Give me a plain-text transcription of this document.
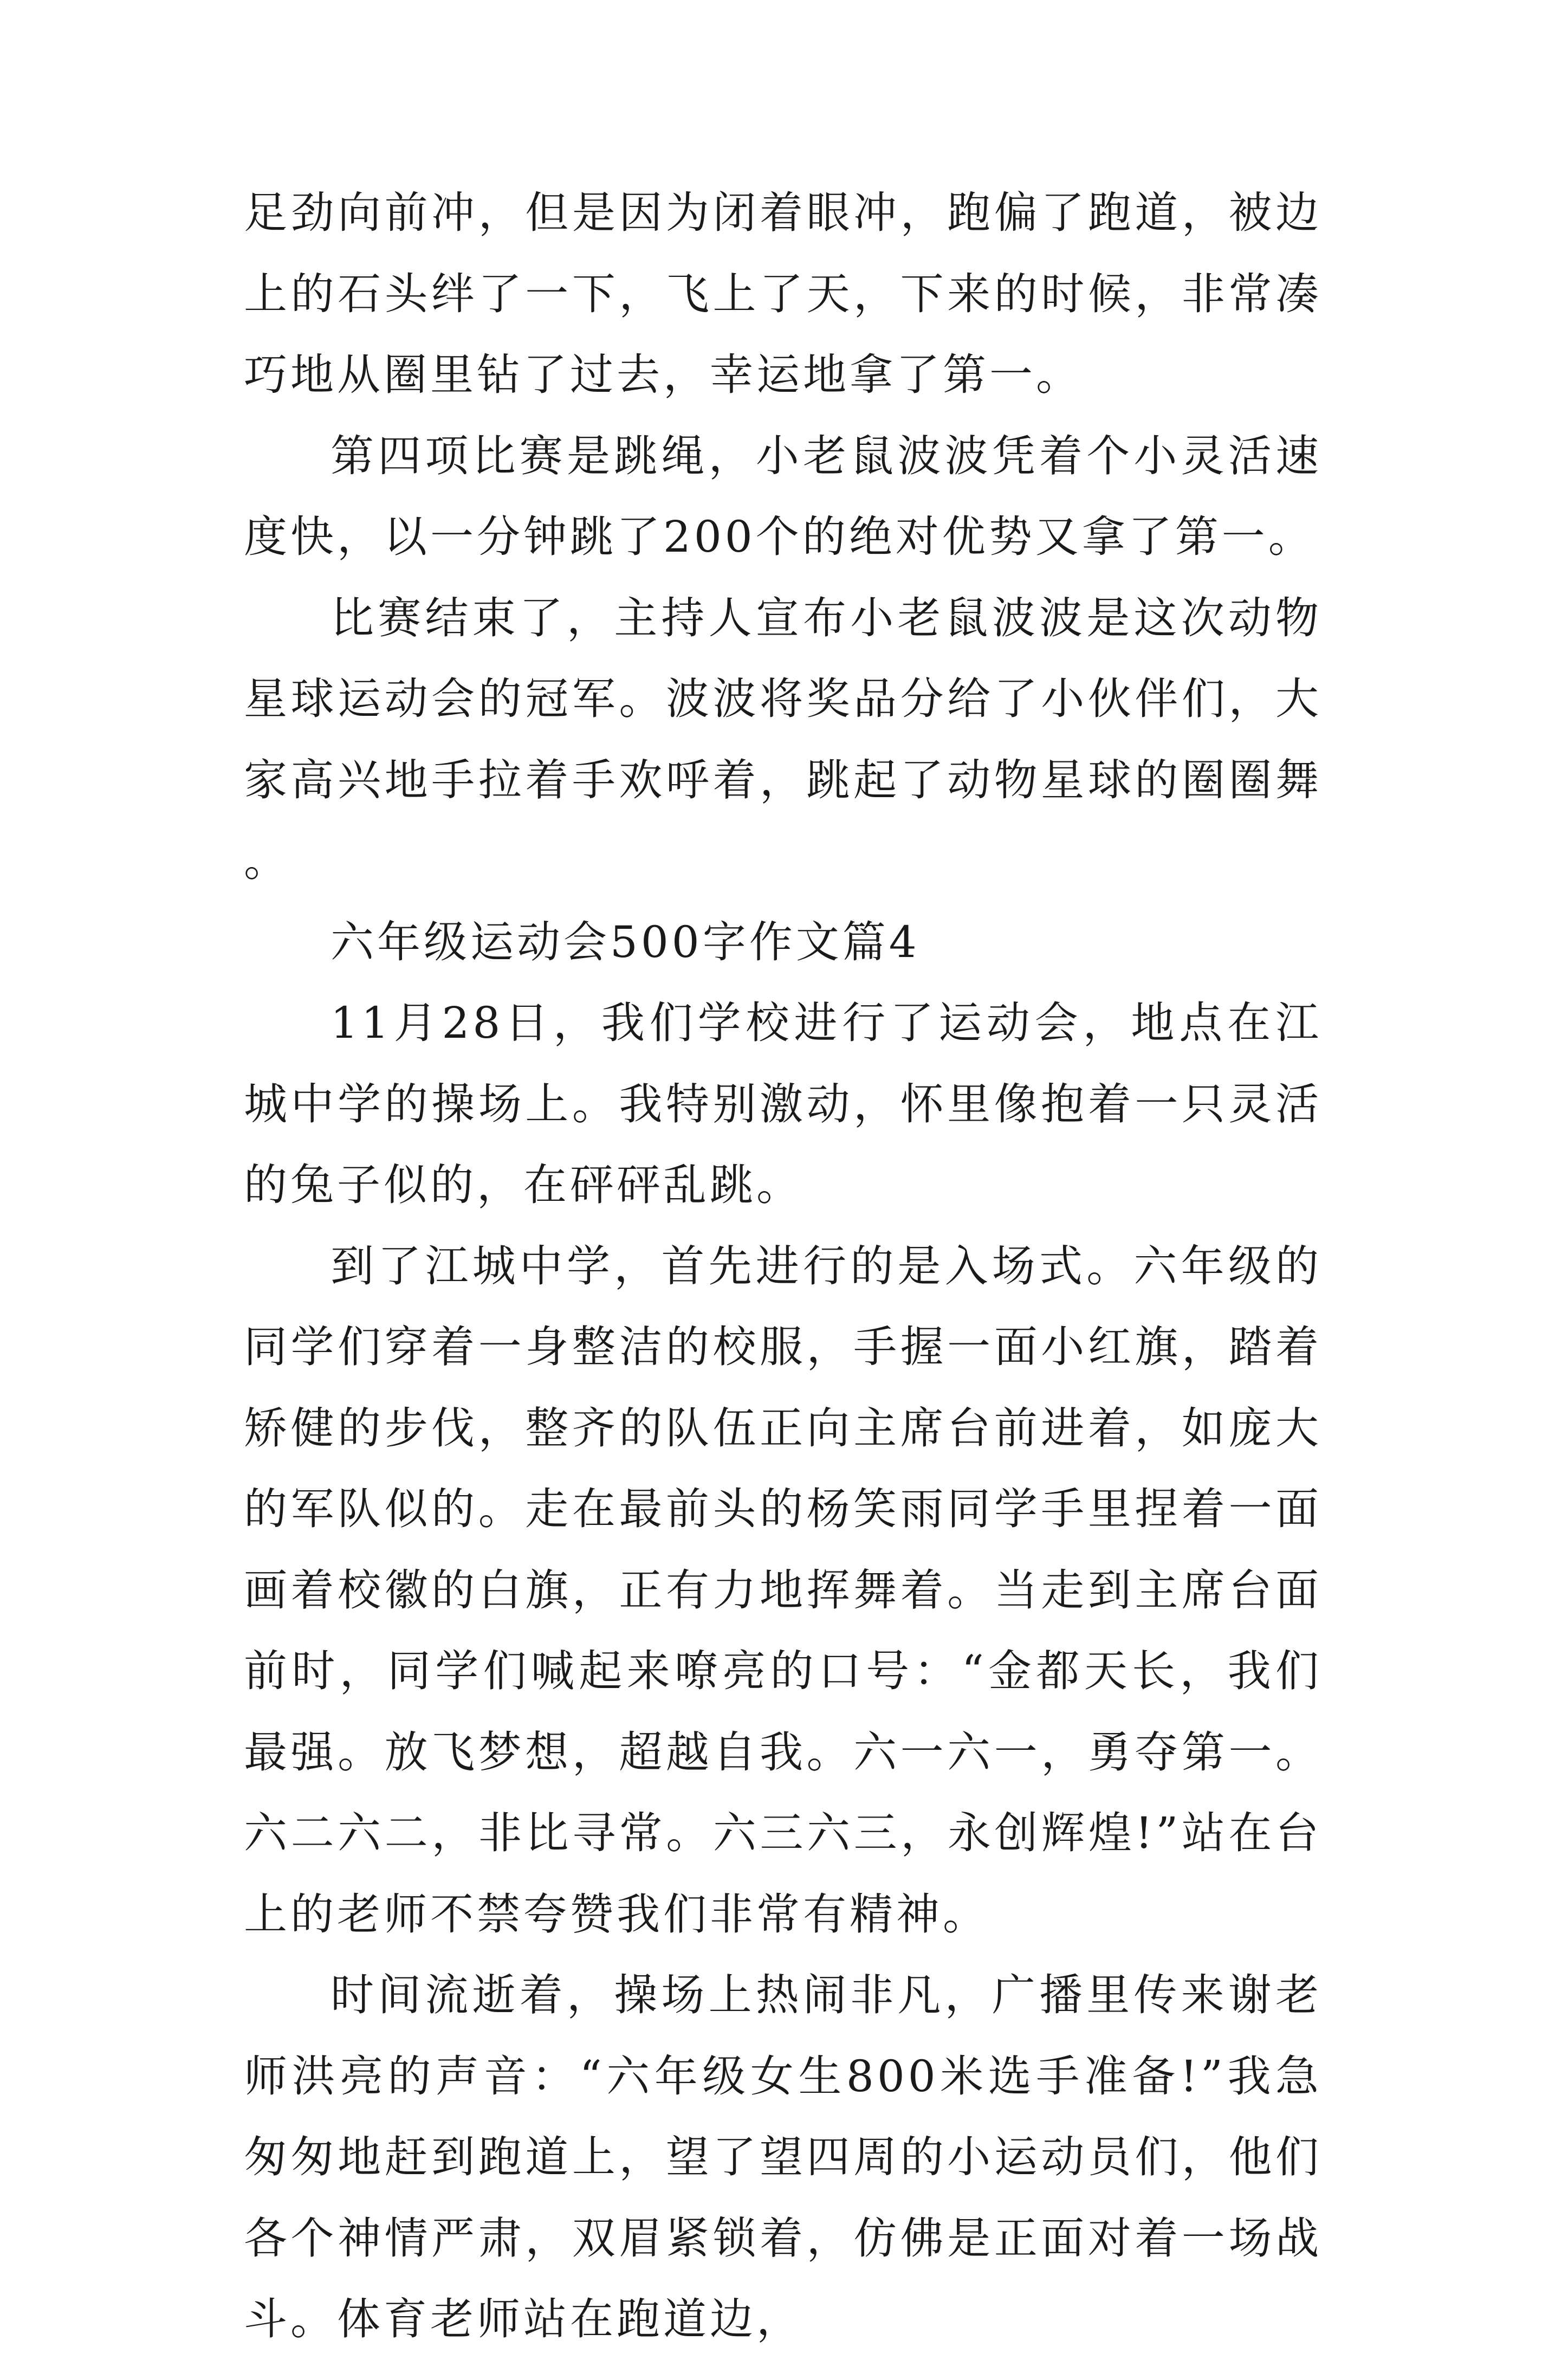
足劲向前冲，但是因为闭着眼冲，跑偏了跑道，被边上的石头绊了一下，飞上了天，下来的时候，非常凑巧地从圈里钻了过去，幸运地拿了第一。

第四项比赛是跳绳，小老鼠波波凭着个小灵活速度快，以一分钟跳了200个的绝对优势又拿了第一。

比赛结束了，主持人宣布小老鼠波波是这次动物星球运动会的冠军。波波将奖品分给了小伙伴们，大家高兴地手拉着手欢呼着，跳起了动物星球的圈圈舞。

六年级运动会500字作文篇4

11月28日，我们学校进行了运动会，地点在江城中学的操场上。我特别激动，怀里像抱着一只灵活的兔子似的，在砰砰乱跳。

到了江城中学，首先进行的是入场式。六年级的同学们穿着一身整洁的校服，手握一面小红旗，踏着矫健的步伐，整齐的队伍正向主席台前进着，如庞大的军队似的。走在最前头的杨笑雨同学手里捏着一面画着校徽的白旗，正有力地挥舞着。当走到主席台面前时，同学们喊起来嘹亮的口号：“金都天长，我们最强。放飞梦想，超越自我。六一六一，勇夺第一。六二六二，非比寻常。六三六三，永创辉煌!”站在台上的老师不禁夸赞我们非常有精神。

时间流逝着，操场上热闹非凡，广播里传来谢老师洪亮的声音：“六年级女生800米选手准备!”我急匆匆地赶到跑道上，望了望四周的小运动员们，他们各个神情严肃，双眉紧锁着，仿佛是正面对着一场战斗。体育老师站在跑道边，
